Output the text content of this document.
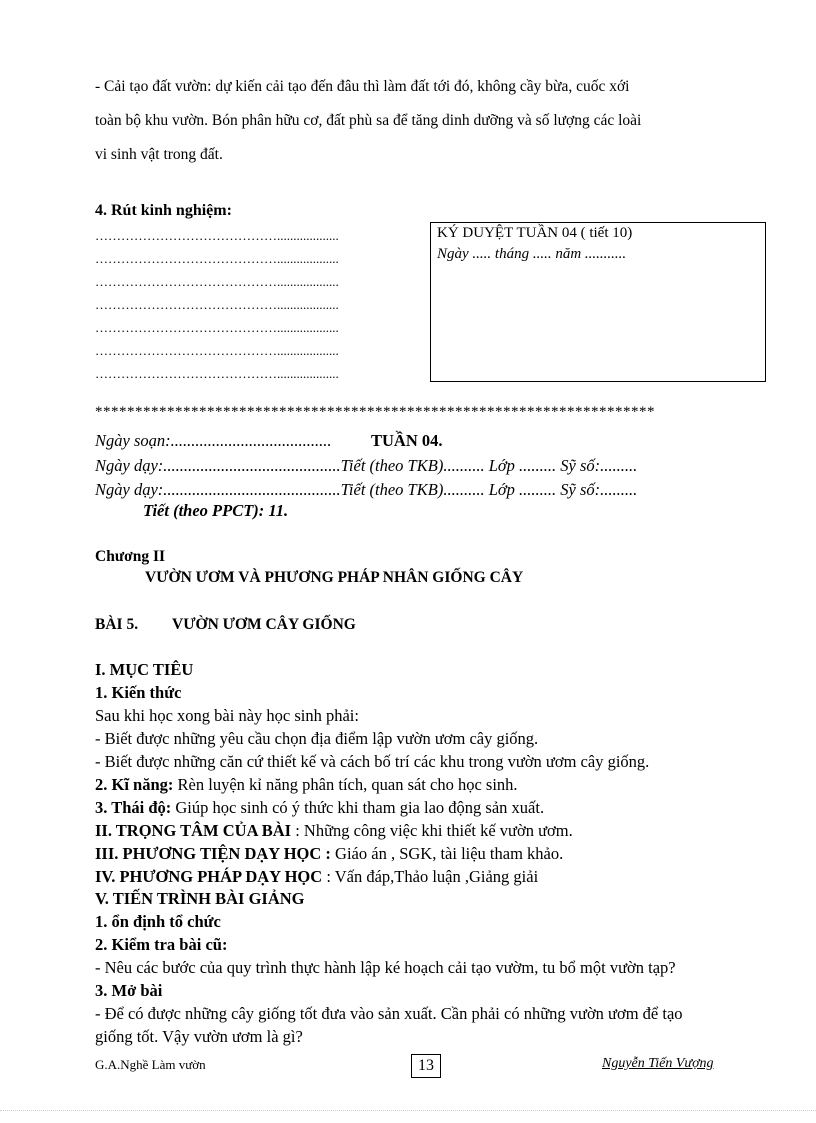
- Cải tạo đất vườn: dự kiến cải tạo đến đâu thì làm đất tới đó, không cầy bừa, cuốc xới
toàn bộ khu vườn. Bón phân hữu cơ, đất phù sa để tăng dinh dưỡng và số lượng các loài
vi sinh vật trong đất.
4. Rút kinh nghiệm:
……………………………………...................
……………………………………...................
……………………………………...................
……………………………………...................
……………………………………...................
……………………………………...................
……………………………………...................
KÝ DUYỆT TUẦN 04 ( tiết 10)
Ngày ..... tháng ..... năm ...........
**********************************************************************
Ngày soạn:....................................... TUẦN 04.
Ngày dạy:...........................................Tiết (theo TKB).......... Lớp ......... Sỹ số:.........
Ngày dạy:...........................................Tiết (theo TKB).......... Lớp ......... Sỹ số:.........
Tiết (theo PPCT): 11.
Chương II
VƯỜN ƯƠM VÀ PHƯƠNG PHÁP NHÂN GIỐNG CÂY
BÀI 5. VƯỜN ƯƠM CÂY GIỐNG
I. MỤC TIÊU
1. Kiến thức
Sau khi học xong bài này học sinh phải:
- Biết được những yêu cầu chọn địa điểm lập vườn ươm cây giống.
- Biết được những căn cứ thiết kế và cách bố trí các khu trong vườn ươm cây giống.
2. Kĩ năng: Rèn luyện kỉ năng phân tích, quan sát cho học sinh.
3. Thái độ: Giúp học sinh có ý thức khi tham gia lao động sản xuất.
II. TRỌNG TÂM CỦA BÀI : Những công việc khi thiết kế vườn ươm.
III. PHƯƠNG TIỆN DẠY HỌC : Giáo án , SGK, tài liệu tham khảo.
IV. PHƯƠNG PHÁP DẠY HỌC : Vấn đáp,Thảo luận ,Giảng giải
V. TIẾN TRÌNH BÀI GIẢNG
1. ổn định tổ chức
2. Kiểm tra bài cũ:
- Nêu các bước của quy trình thực hành lập ké hoạch cải tạo vườm, tu bổ một vườn tạp?
3. Mở bài
- Để có được những cây giống tốt đưa vào sản xuất. Cần phải có những vườn ươm để tạo
giống tốt. Vậy vườn ươm là gì?
G.A.Nghề Làm vườn	13	Nguyễn Tiến Vượng
